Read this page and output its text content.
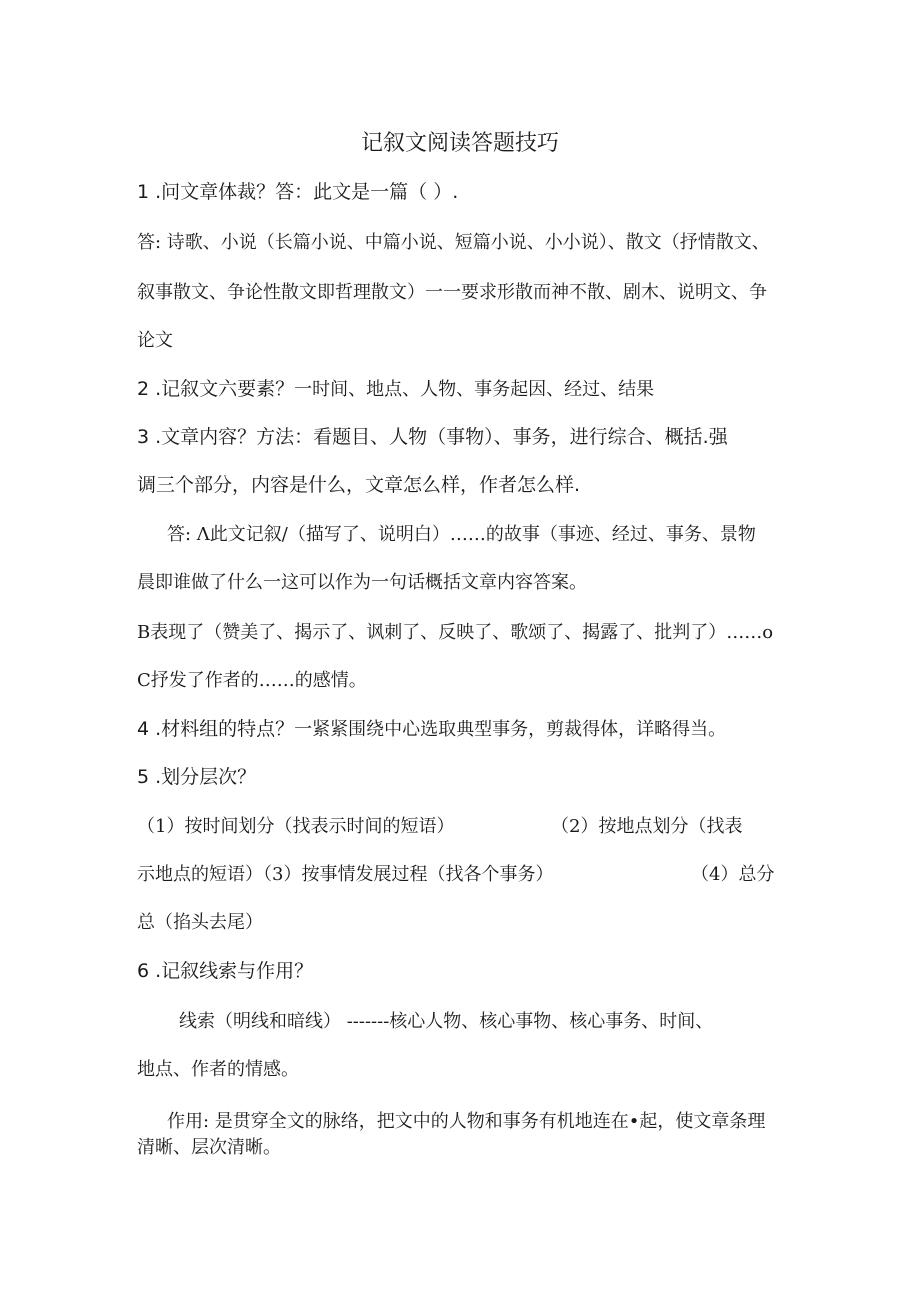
记叙文阅读答题技巧
1 .问文章体裁？答：此文是一篇（ ）.
答: 诗歌、小说（长篇小说、中篇小说、短篇小说、小小说）、散文（抒情散文、
叙事散文、争论性散文即哲理散文）一一要求形散而神不散、剧木、说明文、争
论文
2 .记叙文六要素？一时间、地点、人物、事务起因、经过、结果
3 .文章内容？方法：看题目、人物（事物）、事务，进行综合、概括.强
调三个部分，内容是什么，文章怎么样，作者怎么样.
答: Λ此文记叙/（描写了、说明白）……的故事（事迹、经过、事务、景物
晨即谁做了什么一这可以作为一句话概括文章内容答案。
B表现了（赞美了、揭示了、讽刺了、反映了、歌颂了、揭露了、批判了）……o
C抒发了作者的……的感情。
4 .材料组的特点？一紧紧围绕中心选取典型事务，剪裁得体，详略得当。
5 .划分层次？
（1）按时间划分（找表示时间的短语）	（2）按地点划分（找表
示地点的短语）（3）按事情发展过程（找各个事务）	（4）总分
总（掐头去尾）
6 .记叙线索与作用？
线索（明线和暗线） -------核心人物、核心事物、核心事务、时间、
地点、作者的情感。
作用: 是贯穿全文的脉络，把文中的人物和事务有机地连在•起，使文章条理
清晰、层次清晰。
